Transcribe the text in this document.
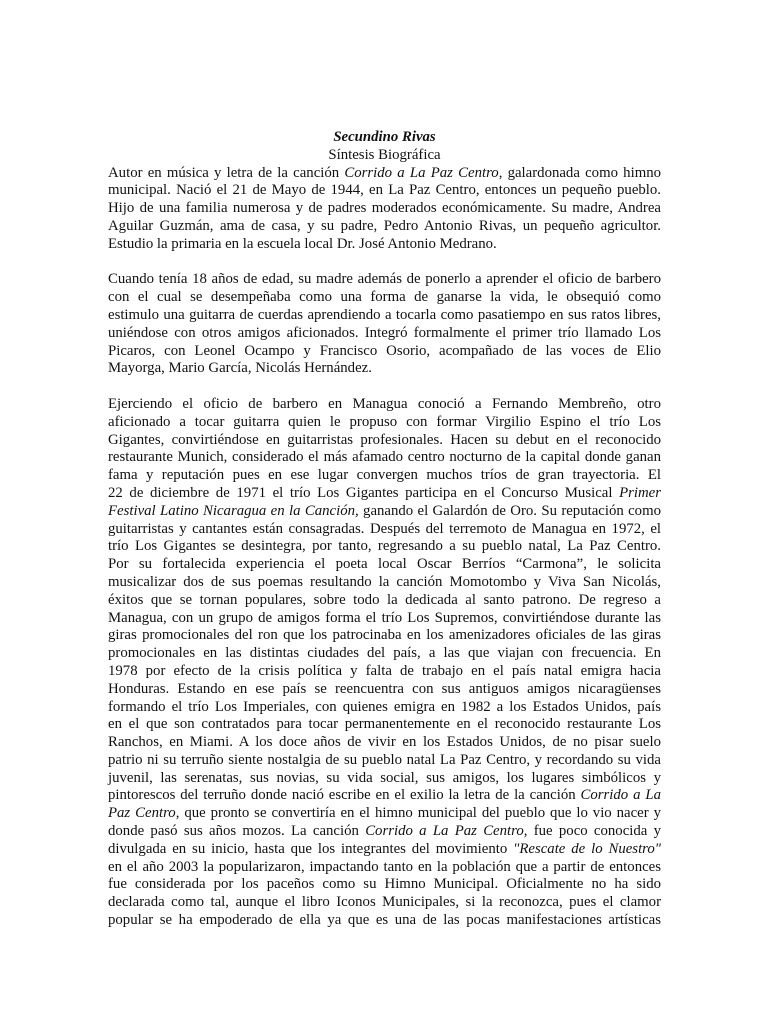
Secundino Rivas
Síntesis Biográfica
Autor en música y letra de la canción Corrido a La Paz Centro, galardonada como himno
municipal. Nació el 21 de Mayo de 1944, en La Paz Centro, entonces un pequeño pueblo.
Hijo de una familia numerosa y de padres moderados económicamente. Su madre, Andrea
Aguilar Guzmán, ama de casa, y su padre, Pedro Antonio Rivas, un pequeño agricultor.
Estudio la primaria en la escuela local Dr. José Antonio Medrano.
Cuando tenía 18 años de edad, su madre además de ponerlo a aprender el oficio de barbero
con el cual se desempeñaba como una forma de ganarse la vida, le obsequió como
estimulo una guitarra de cuerdas aprendiendo a tocarla como pasatiempo en sus ratos libres,
uniéndose con otros amigos aficionados. Integró formalmente el primer trío llamado Los
Picaros, con Leonel Ocampo y Francisco Osorio, acompañado de las voces de Elio
Mayorga, Mario García, Nicolás Hernández.
Ejerciendo el oficio de barbero en Managua conoció a Fernando Membreño, otro
aficionado a tocar guitarra quien le propuso con formar Virgilio Espino el trío Los
Gigantes, convirtiéndose en guitarristas profesionales. Hacen su debut en el reconocido
restaurante Munich, considerado el más afamado centro nocturno de la capital donde ganan
fama y reputación pues en ese lugar convergen muchos tríos de gran trayectoria. El
22 de diciembre de 1971 el trío Los Gigantes participa en el Concurso Musical Primer
Festival Latino Nicaragua en la Canción, ganando el Galardón de Oro. Su reputación como
guitarristas y cantantes están consagradas. Después del terremoto de Managua en 1972, el
trío Los Gigantes se desintegra, por tanto, regresando a su pueblo natal, La Paz Centro.
Por su fortalecida experiencia el poeta local Oscar Berríos “Carmona”, le solicita
musicalizar dos de sus poemas resultando la canción Momotombo y Viva San Nicolás,
éxitos que se tornan populares, sobre todo la dedicada al santo patrono. De regreso a
Managua, con un grupo de amigos forma el trío Los Supremos, convirtiéndose durante las
giras promocionales del ron que los patrocinaba en los amenizadores oficiales de las giras
promocionales en las distintas ciudades del país, a las que viajan con frecuencia. En
1978 por efecto de la crisis política y falta de trabajo en el país natal emigra hacia
Honduras. Estando en ese país se reencuentra con sus antiguos amigos nicaragüenses
formando el trío Los Imperiales, con quienes emigra en 1982 a los Estados Unidos, país
en el que son contratados para tocar permanentemente en el reconocido restaurante Los
Ranchos, en Miami. A los doce años de vivir en los Estados Unidos, de no pisar suelo
patrio ni su terruño siente nostalgia de su pueblo natal La Paz Centro, y recordando su vida
juvenil, las serenatas, sus novias, su vida social, sus amigos, los lugares simbólicos y
pintorescos del terruño donde nació escribe en el exilio la letra de la canción Corrido a La
Paz Centro, que pronto se convertiría en el himno municipal del pueblo que lo vio nacer y
donde pasó sus años mozos. La canción Corrido a La Paz Centro, fue poco conocida y
divulgada en su inicio, hasta que los integrantes del movimiento "Rescate de lo Nuestro"
en el año 2003 la popularizaron, impactando tanto en la población que a partir de entonces
fue considerada por los paceños como su Himno Municipal. Oficialmente no ha sido
declarada como tal, aunque el libro Iconos Municipales, si la reconozca, pues el clamor
popular se ha empoderado de ella ya que es una de las pocas manifestaciones artísticas
